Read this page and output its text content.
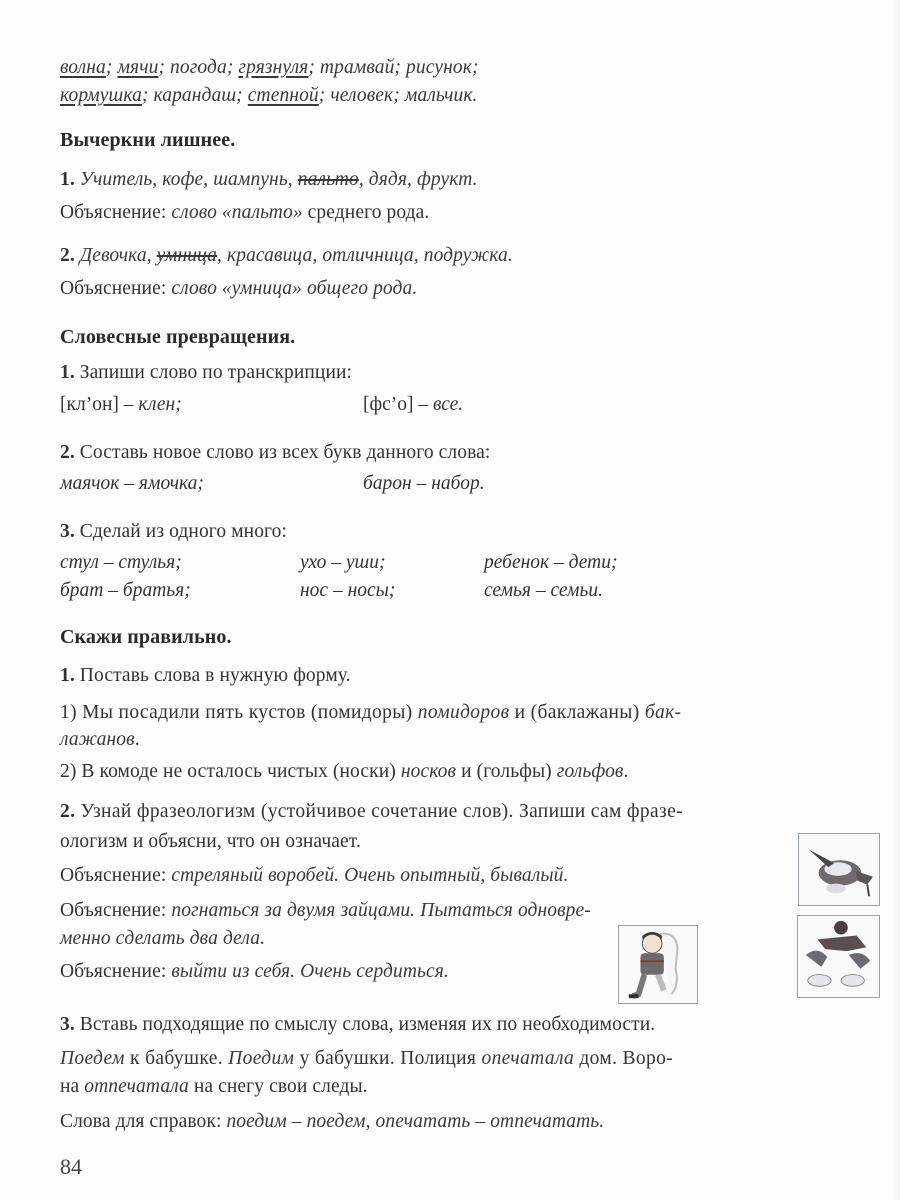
волна; мячи; погода; грязнуля; трамвай; рисунок;
кормушка; карандаш; степной; человек; мальчик.
Вычеркни лишнее.
1. Учитель, кофе, шампунь, пальто, дядя, фрукт.
Объяснение: слово «пальто» среднего рода.
2. Девочка, умница, красавица, отличница, подружка.
Объяснение: слово «умница» общего рода.
Словесные превращения.
1. Запиши слово по транскрипции:
[кл’он] – клен;	[фс’о] – все.
2. Составь новое слово из всех букв данного слова:
маячок – ямочка;	барон – набор.
3. Сделай из одного много:
стул – стулья;	ухо – уши;	ребенок – дети;
брат – братья;	нос – носы;	семья – семьи.
Скажи правильно.
1. Поставь слова в нужную форму.
1) Мы посадили пять кустов (помидоры) помидоров и (баклажаны) бак-
лажанов.
2) В комоде не осталось чистых (носки) носков и (гольфы) гольфов.
2. Узнай фразеологизм (устойчивое сочетание слов). Запиши сам фразе-
ологизм и объясни, что он означает.
Объяснение: стреляный воробей. Очень опытный, бывалый.
Объяснение: погнаться за двумя зайцами. Пытаться одновре-
менно сделать два дела.
Объяснение: выйти из себя. Очень сердиться.
3. Вставь подходящие по смыслу слова, изменяя их по необходимости.
Поедем к бабушке. Поедим у бабушки. Полиция опечатала дом. Воро-
на отпечатала на снегу свои следы.
Слова для справок: поедим – поедем, опечатать – отпечатать.
84
